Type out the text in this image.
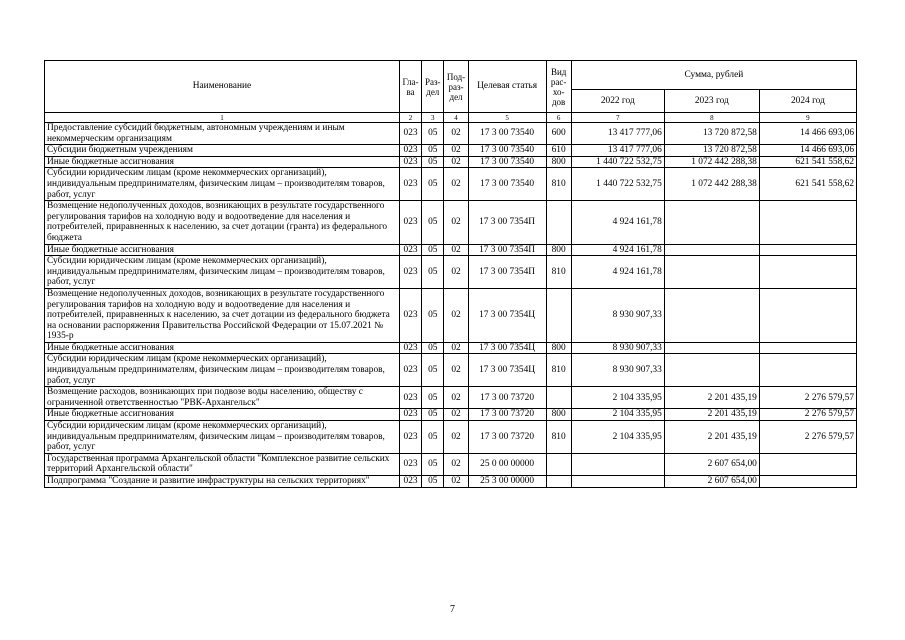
Наименование	Гла-ва	Раз-дел	Под-раз-дел	Целевая статья	Вид рас-хо-дов	Сумма, рублей		
						2022 год	2023 год	2024 год
1	2	3	4	5	6	7	8	9
Предоставление субсидий бюджетным, автономным учреждениям и иным некоммерческим организациям	023	05	02	17 3 00 73540	600	13 417 777,06	13 720 872,58	14 466 693,06
Субсидии бюджетным учреждениям	023	05	02	17 3 00 73540	610	13 417 777,06	13 720 872,58	14 466 693,06
Иные бюджетные ассигнования	023	05	02	17 3 00 73540	800	1 440 722 532,75	1 072 442 288,38	621 541 558,62
Субсидии юридическим лицам (кроме некоммерческих организаций), индивидуальным предпринимателям, физическим лицам – производителям товаров, работ, услуг	023	05	02	17 3 00 73540	810	1 440 722 532,75	1 072 442 288,38	621 541 558,62
Возмещение недополученных доходов, возникающих в результате государственного регулирования тарифов на холодную воду и водоотведение для населения и потребителей, приравненных к населению, за счет дотации (гранта) из федерального бюджета	023	05	02	17 3 00 7354П		4 924 161,78		
Иные бюджетные ассигнования	023	05	02	17 3 00 7354П	800	4 924 161,78		
Субсидии юридическим лицам (кроме некоммерческих организаций), индивидуальным предпринимателям, физическим лицам – производителям товаров, работ, услуг	023	05	02	17 3 00 7354П	810	4 924 161,78		
Возмещение недополученных доходов, возникающих в результате государственного регулирования тарифов на холодную воду и водоотведение для населения и потребителей, приравненных к населению, за счет дотации из федерального бюджета на основании распоряжения Правительства Российской Федерации от 15.07.2021 № 1935-р	023	05	02	17 3 00 7354Ц		8 930 907,33		
Иные бюджетные ассигнования	023	05	02	17 3 00 7354Ц	800	8 930 907,33		
Субсидии юридическим лицам (кроме некоммерческих организаций), индивидуальным предпринимателям, физическим лицам – производителям товаров, работ, услуг	023	05	02	17 3 00 7354Ц	810	8 930 907,33		
Возмещение расходов, возникающих при подвозе воды населению, обществу с ограниченной ответственностью "РВК-Архангельск"	023	05	02	17 3 00 73720		2 104 335,95	2 201 435,19	2 276 579,57
Иные бюджетные ассигнования	023	05	02	17 3 00 73720	800	2 104 335,95	2 201 435,19	2 276 579,57
Субсидии юридическим лицам (кроме некоммерческих организаций), индивидуальным предпринимателям, физическим лицам – производителям товаров, работ, услуг	023	05	02	17 3 00 73720	810	2 104 335,95	2 201 435,19	2 276 579,57
Государственная программа Архангельской области "Комплексное развитие сельских территорий Архангельской области"	023	05	02	25 0 00 00000			2 607 654,00	
Подпрограмма "Создание и развитие инфраструктуры на сельских территориях"	023	05	02	25 3 00 00000			2 607 654,00	
7
